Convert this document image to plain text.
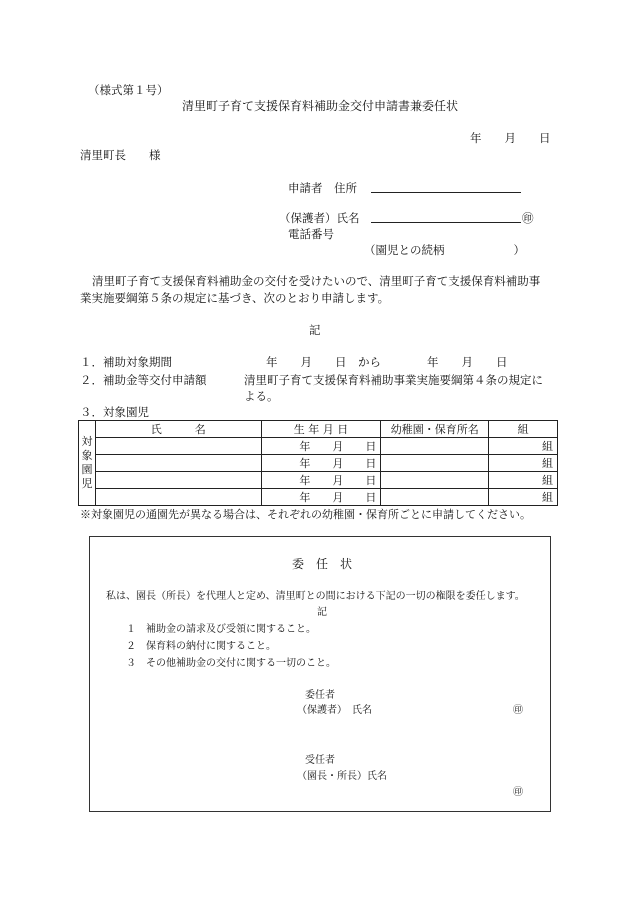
（様式第１号）
清里町子育て支援保育料補助金交付申請書兼委任状
年　　月　　日
清里町長　　様
申請者　住所
（保護者）氏名	㊞
電話番号
（園児との続柄　　　　　　）
清里町子育て支援保育料補助金の交付を受けたいので、清里町子育て支援保育料補助事
業実施要綱第５条の規定に基づき、次のとおり申請します。
記
１．補助対象期間	年　　月　　日　から　　　　年　　月　　日
２．補助金等交付申請額	清里町子育て支援保育料補助事業実施要綱第４条の規定に
よる。
３．対象園児
対
象
園
児	氏　　　名	生 年 月 日	幼稚園・保育所名	組
		年　　月　　日		組
		年　　月　　日		組
		年　　月　　日		組
		年　　月　　日		組
※対象園児の通園先が異なる場合は、それぞれの幼稚園・保育所ごとに申請してください。
委　任　状
私は、園長（所長）を代理人と定め、清里町との間における下記の一切の権限を委任します。
記
１　補助金の請求及び受領に関すること。
２　保育料の納付に関すること。
３　その他補助金の交付に関する一切のこと。
委任者
（保護者）　氏名	㊞
受任者
（園長・所長）氏名
㊞
